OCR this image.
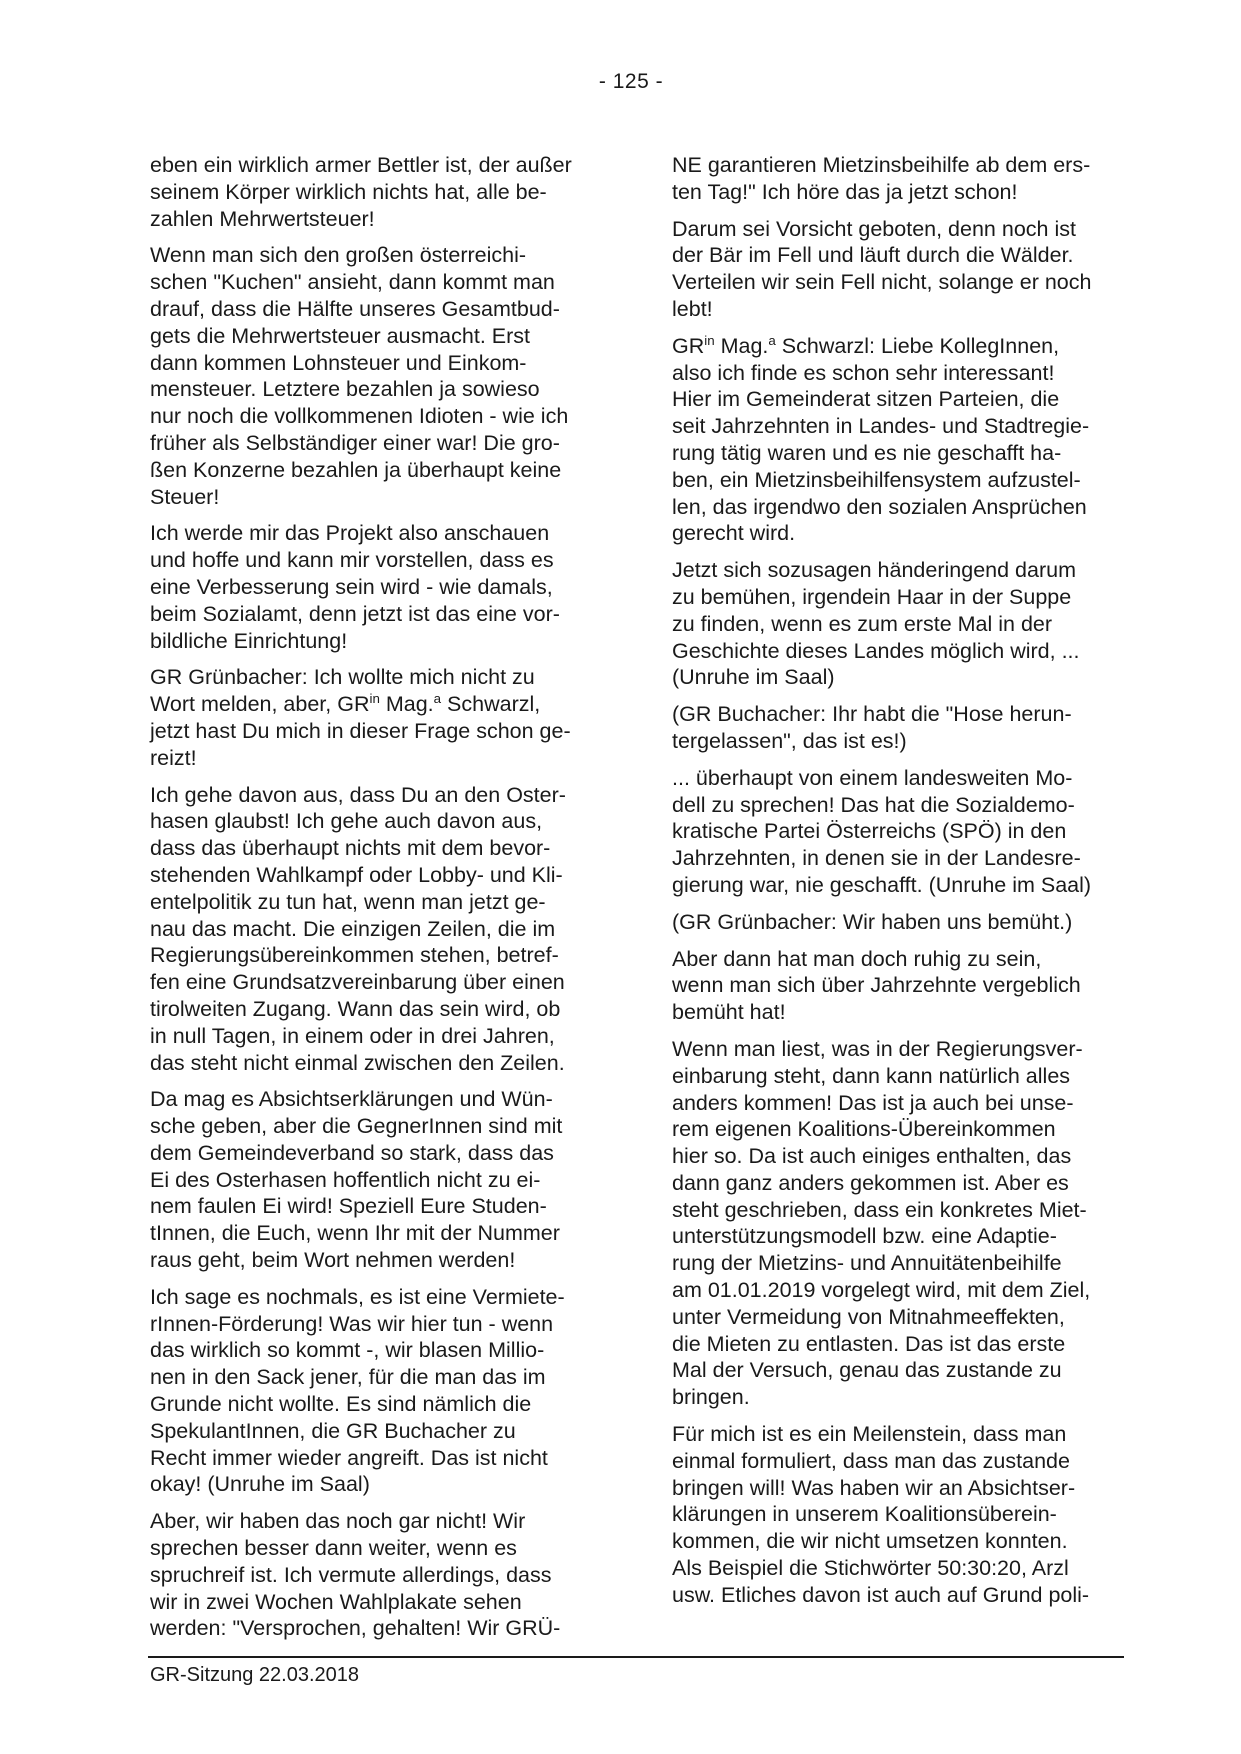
- 125 -

eben ein wirklich armer Bettler ist, der außer
seinem Körper wirklich nichts hat, alle be-
zahlen Mehrwertsteuer!

Wenn man sich den großen österreichi-
schen "Kuchen" ansieht, dann kommt man
drauf, dass die Hälfte unseres Gesamtbud-
gets die Mehrwertsteuer ausmacht. Erst
dann kommen Lohnsteuer und Einkom-
mensteuer. Letztere bezahlen ja sowieso
nur noch die vollkommenen Idioten - wie ich
früher als Selbständiger einer war! Die gro-
ßen Konzerne bezahlen ja überhaupt keine
Steuer!

Ich werde mir das Projekt also anschauen
und hoffe und kann mir vorstellen, dass es
eine Verbesserung sein wird - wie damals,
beim Sozialamt, denn jetzt ist das eine vor-
bildliche Einrichtung!

GR Grünbacher: Ich wollte mich nicht zu
Wort melden, aber, $GR^{in}$ Mag.$^a$ Schwarzl,
jetzt hast Du mich in dieser Frage schon ge-
reizt!

Ich gehe davon aus, dass Du an den Oster-
hasen glaubst! Ich gehe auch davon aus,
dass das überhaupt nichts mit dem bevor-
stehenden Wahlkampf oder Lobby- und Kli-
entelpolitik zu tun hat, wenn man jetzt ge-
nau das macht. Die einzigen Zeilen, die im
Regierungsübereinkommen stehen, betref-
fen eine Grundsatzvereinbarung über einen
tirolweiten Zugang. Wann das sein wird, ob
in null Tagen, in einem oder in drei Jahren,
das steht nicht einmal zwischen den Zeilen.

Da mag es Absichtserklärungen und Wün-
sche geben, aber die GegnerInnen sind mit
dem Gemeindeverband so stark, dass das
Ei des Osterhasen hoffentlich nicht zu ei-
nem faulen Ei wird! Speziell Eure Studen-
tInnen, die Euch, wenn Ihr mit der Nummer
raus geht, beim Wort nehmen werden!

Ich sage es nochmals, es ist eine Vermiete-
rInnen-Förderung! Was wir hier tun - wenn
das wirklich so kommt -, wir blasen Millio-
nen in den Sack jener, für die man das im
Grunde nicht wollte. Es sind nämlich die
SpekulantInnen, die GR Buchacher zu
Recht immer wieder angreift. Das ist nicht
okay! (Unruhe im Saal)

Aber, wir haben das noch gar nicht! Wir
sprechen besser dann weiter, wenn es
spruchreif ist. Ich vermute allerdings, dass
wir in zwei Wochen Wahlplakate sehen
werden: "Versprochen, gehalten! Wir GRÜ-

NE garantieren Mietzinsbeihilfe ab dem ers-
ten Tag!" Ich höre das ja jetzt schon!

Darum sei Vorsicht geboten, denn noch ist
der Bär im Fell und läuft durch die Wälder.
Verteilen wir sein Fell nicht, solange er noch
lebt!

$GR^{in}$ Mag.$^a$ Schwarzl: Liebe KollegInnen,
also ich finde es schon sehr interessant!
Hier im Gemeinderat sitzen Parteien, die
seit Jahrzehnten in Landes- und Stadtregie-
rung tätig waren und es nie geschafft ha-
ben, ein Mietzinsbeihilfensystem aufzustel-
len, das irgendwo den sozialen Ansprüchen
gerecht wird.

Jetzt sich sozusagen händeringend darum
zu bemühen, irgendein Haar in der Suppe
zu finden, wenn es zum erste Mal in der
Geschichte dieses Landes möglich wird, ...
(Unruhe im Saal)

(GR Buchacher: Ihr habt die "Hose herun-
tergelassen", das ist es!)

... überhaupt von einem landesweiten Mo-
dell zu sprechen! Das hat die Sozialdemo-
kratische Partei Österreichs (SPÖ) in den
Jahrzehnten, in denen sie in der Landesre-
gierung war, nie geschafft. (Unruhe im Saal)

(GR Grünbacher: Wir haben uns bemüht.)

Aber dann hat man doch ruhig zu sein,
wenn man sich über Jahrzehnte vergeblich
bemüht hat!

Wenn man liest, was in der Regierungsver-
einbarung steht, dann kann natürlich alles
anders kommen! Das ist ja auch bei unse-
rem eigenen Koalitions-Übereinkommen
hier so. Da ist auch einiges enthalten, das
dann ganz anders gekommen ist. Aber es
steht geschrieben, dass ein konkretes Miet-
unterstützungsmodell bzw. eine Adaptie-
rung der Mietzins- und Annuitätenbeihilfe
am 01.01.2019 vorgelegt wird, mit dem Ziel,
unter Vermeidung von Mitnahmeeffekten,
die Mieten zu entlasten. Das ist das erste
Mal der Versuch, genau das zustande zu
bringen.

Für mich ist es ein Meilenstein, dass man
einmal formuliert, dass man das zustande
bringen will! Was haben wir an Absichtser-
klärungen in unserem Koalitionsüberein-
kommen, die wir nicht umsetzen konnten.
Als Beispiel die Stichwörter 50:30:20, Arzl
usw. Etliches davon ist auch auf Grund poli-

GR-Sitzung 22.03.2018
